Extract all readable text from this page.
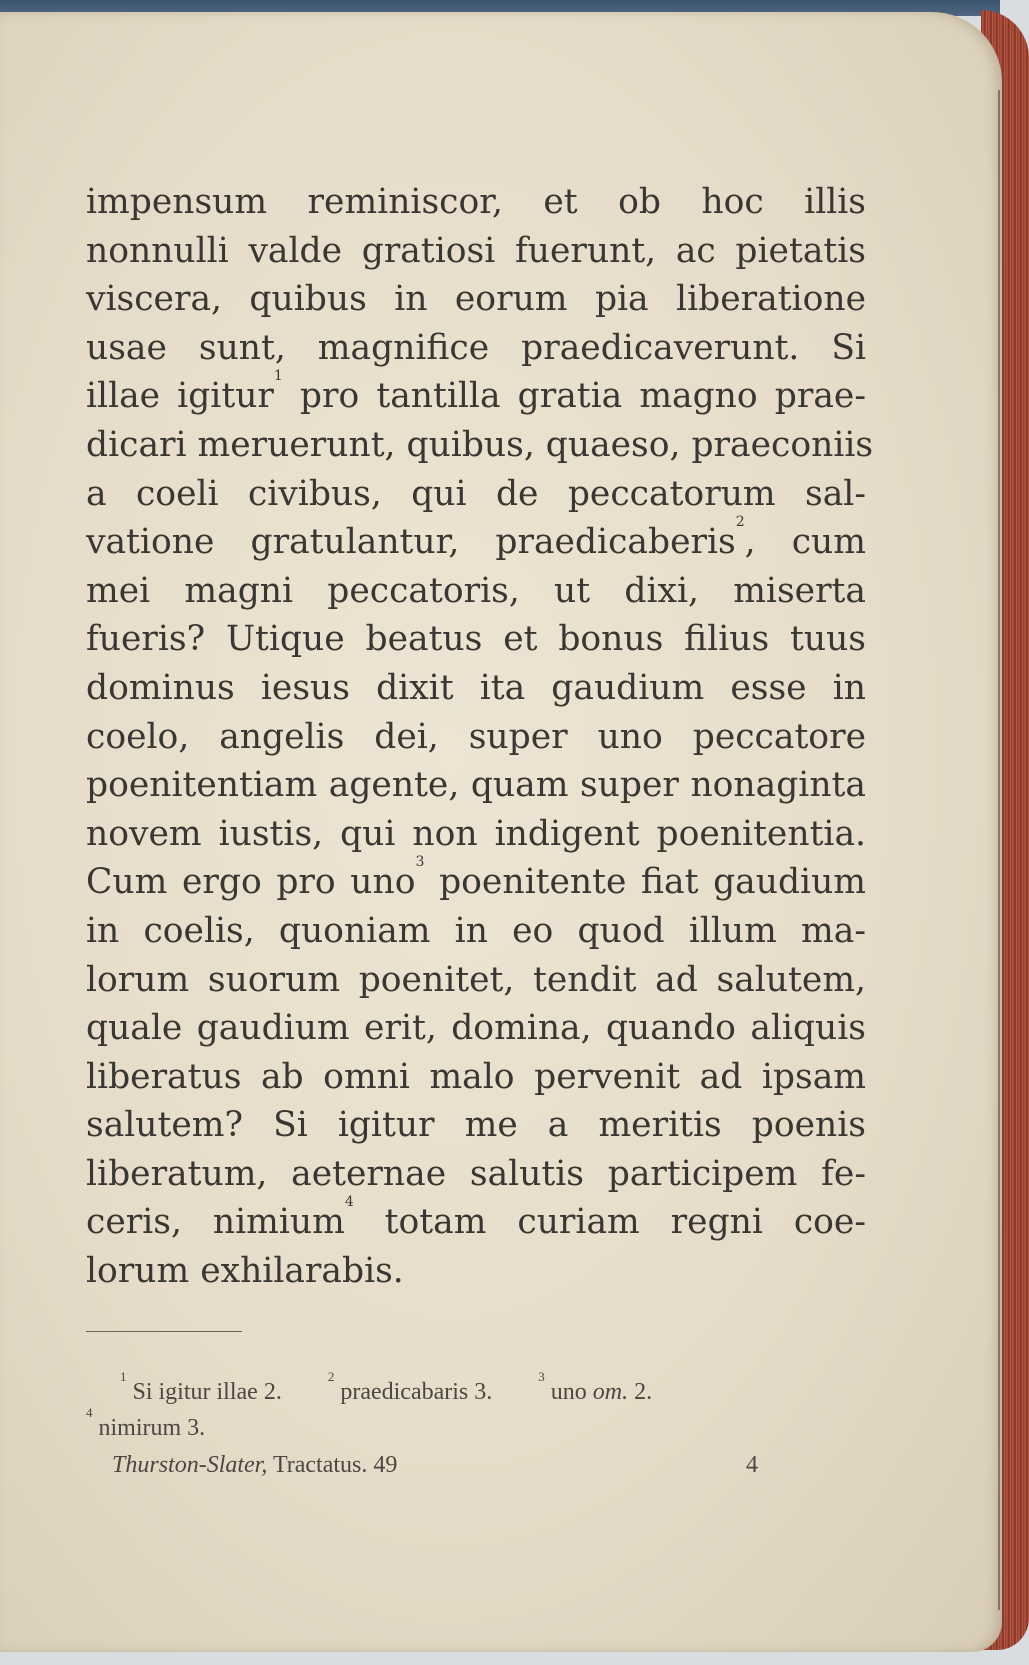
impensum reminiscor, et ob hoc illis
nonnulli valde gratiosi fuerunt, ac pietatis
viscera, quibus in eorum pia liberatione
usae sunt, magnifice praedicaverunt. Si
illae igitur$^1$ pro tantilla gratia magno prae-
dicari meruerunt, quibus, quaeso, praeconiis
a coeli civibus, qui de peccatorum sal-
vatione gratulantur, praedicaberis$^2$, cum
mei magni peccatoris, ut dixi, miserta
fueris? Utique beatus et bonus filius tuus
dominus iesus dixit ita gaudium esse in
coelo, angelis dei, super uno peccatore
poenitentiam agente, quam super nonaginta
novem iustis, qui non indigent poenitentia.
Cum ergo pro uno$^3$ poenitente fiat gaudium
in coelis, quoniam in eo quod illum ma-
lorum suorum poenitet, tendit ad salutem,
quale gaudium erit, domina, quando aliquis
liberatus ab omni malo pervenit ad ipsam
salutem? Si igitur me a meritis poenis
liberatum, aeternae salutis participem fe-
ceris, nimium$^4$ totam curiam regni coe-
lorum exhilarabis.
$^1$Si igitur illae 2. $^2$praedicabaris 3. $^3$uno om. 2.
$^4$nimirum 3.
Thurston-Slater, Tractatus. 49	4
